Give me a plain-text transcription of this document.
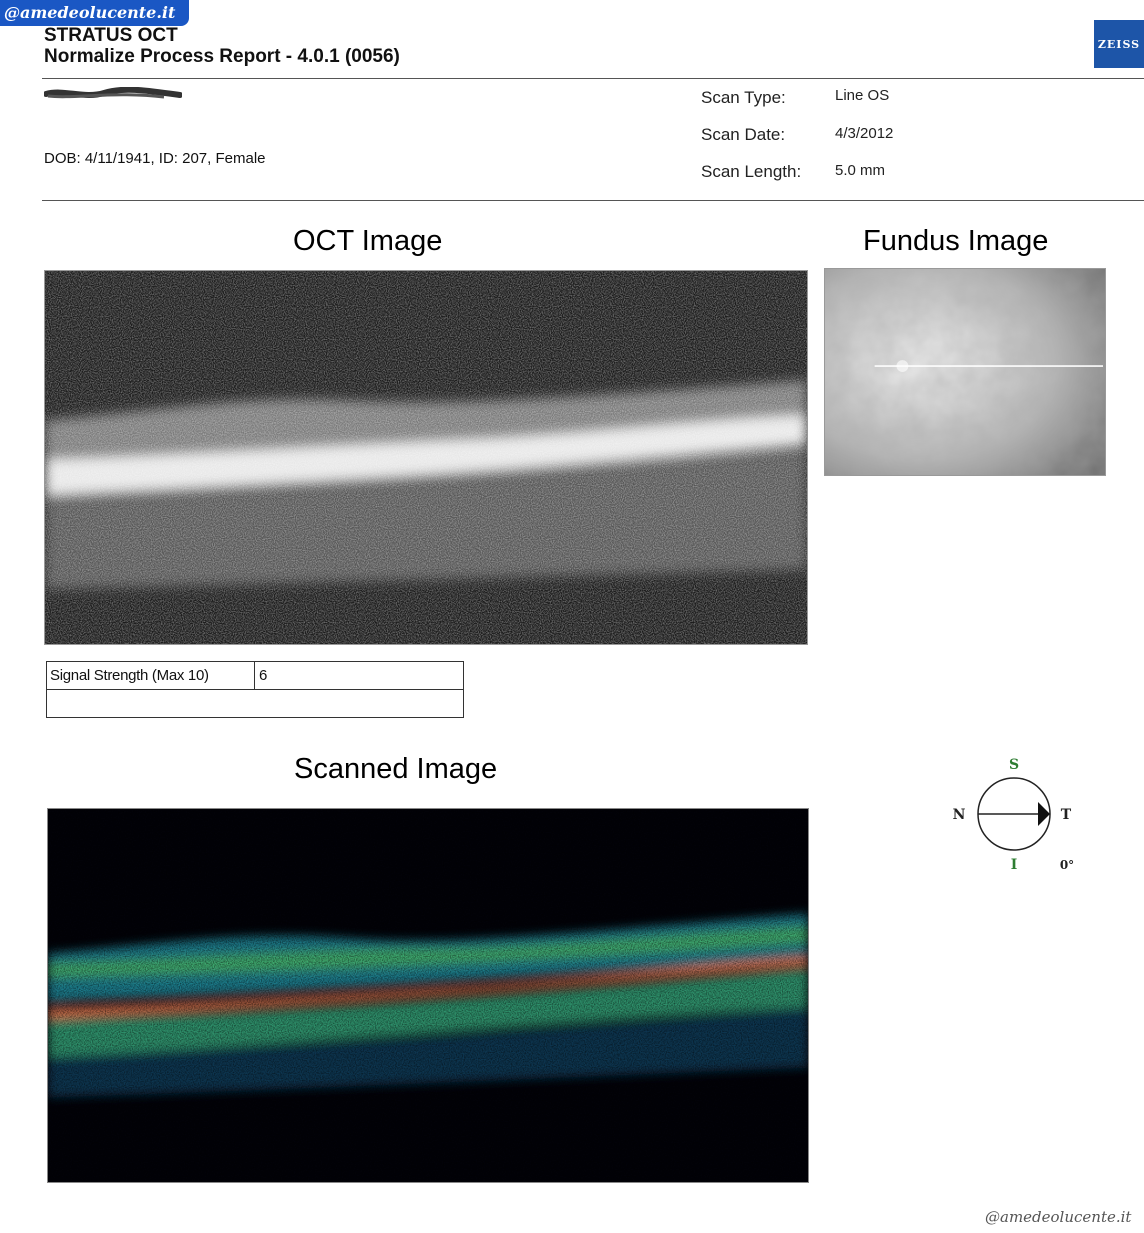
@amedeolucente.it
STRATUS OCT
Normalize Process Report - 4.0.1 (0056)
ZEISS
DOB: 4/11/1941, ID: 207, Female
Scan Type:	Line OS
Scan Date:	4/3/2012
Scan Length: 5.0 mm
OCT Image	Fundus Image
Signal Strength (Max 10)	6
Scanned Image	S
I
N	T
0°
@amedeolucente.it
